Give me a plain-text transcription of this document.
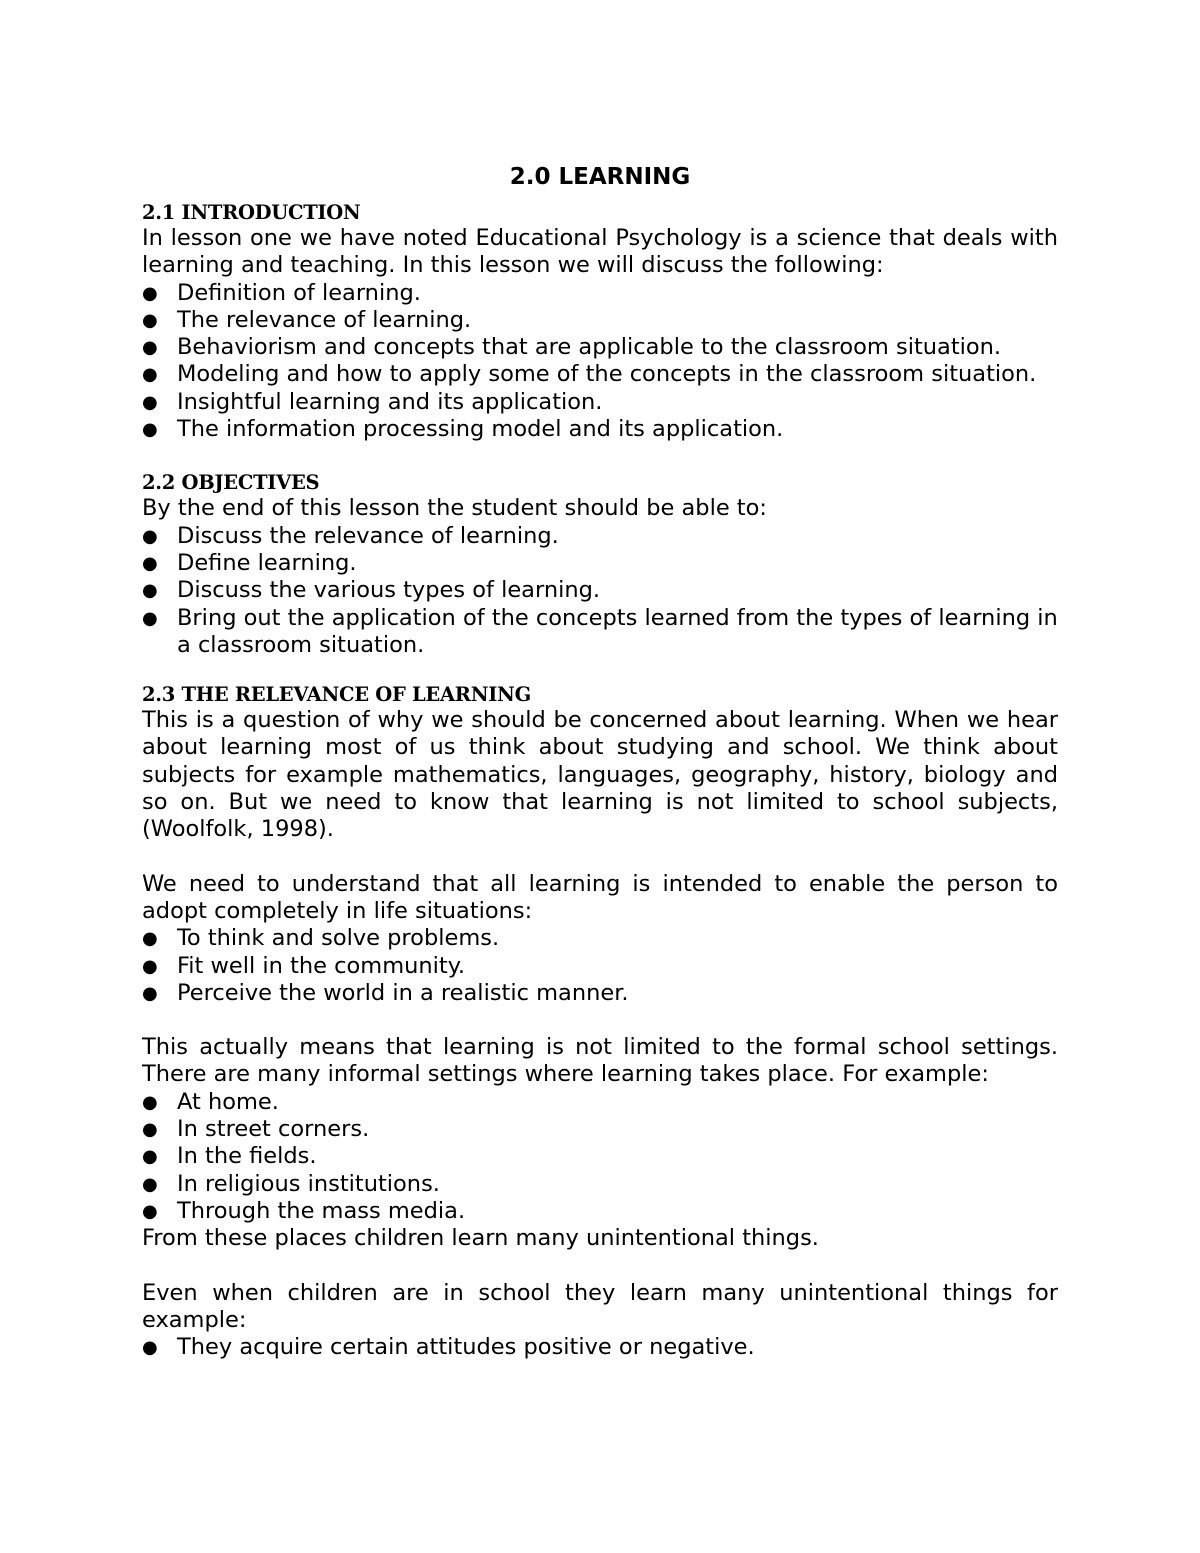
2.0 LEARNING
2.1 INTRODUCTION

In lesson one we have noted Educational Psychology is a science that deals with learning and teaching. In this lesson we will discuss the following:

● Definition of learning.
● The relevance of learning.
● Behaviorism and concepts that are applicable to the classroom situation.
● Modeling and how to apply some of the concepts in the classroom situation.
● Insightful learning and its application.
● The information processing model and its application.
2.2 OBJECTIVES

By the end of this lesson the student should be able to:

● Discuss the relevance of learning.
● Define learning.
● Discuss the various types of learning.
● Bring out the application of the concepts learned from the types of learning in a classroom situation.
2.3 THE RELEVANCE OF LEARNING

This is a question of why we should be concerned about learning. When we hear about learning most of us think about studying and school. We think about subjects for example mathematics, languages, geography, history, biology and so on. But we need to know that learning is not limited to school subjects, (Woolfolk, 1998).

We need to understand that all learning is intended to enable the person to adopt completely in life situations:

● To think and solve problems.
● Fit well in the community.
● Perceive the world in a realistic manner.

This actually means that learning is not limited to the formal school settings. There are many informal settings where learning takes place. For example:

● At home.
● In street corners.
● In the fields.
● In religious institutions.
● Through the mass media.

From these places children learn many unintentional things.

Even when children are in school they learn many unintentional things for example:

● They acquire certain attitudes positive or negative.
